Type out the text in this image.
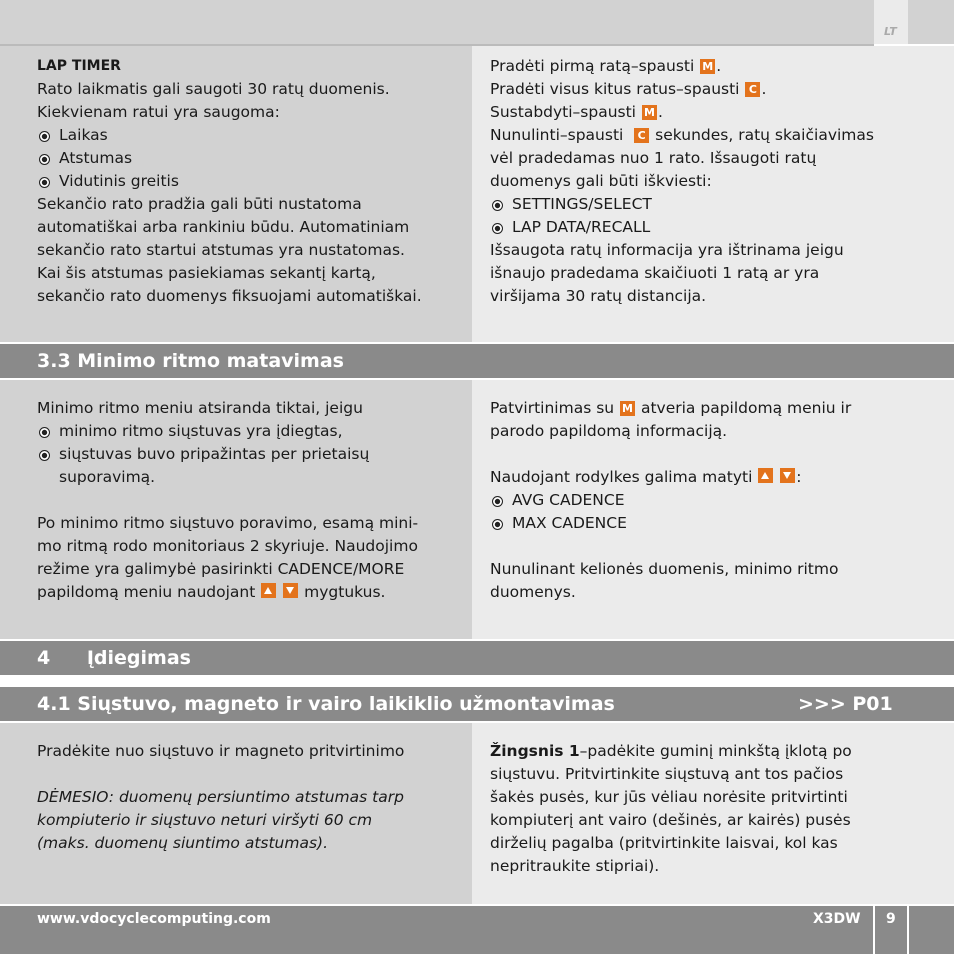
LT

LAP TIMER

Rato laikmatis gali saugoti 30 ratų duomenis.

Kiekvienam ratui yra saugoma:

Laikas

Atstumas

Vidutinis greitis

Sekančio rato pradžia gali būti nustatoma

automatiškai arba rankiniu būdu. Automatiniam

sekančio rato startui atstumas yra nustatomas.

Kai šis atstumas pasiekiamas sekantį kartą,

sekančio rato duomenys fiksuojami automatiškai.

Pradėti pirmą ratą–spausti M .

Pradėti visus kitus ratus–spausti C .

Sustabdyti–spausti M .

Nunulinti–spausti C sekundes, ratų skaičiavimas

vėl pradedamas nuo 1 rato. Išsaugoti ratų

duomenys gali būti iškviesti:

SETTINGS/SELECT

LAP DATA/RECALL

Išsaugota ratų informacija yra ištrinama jeigu

išnaujo pradedama skaičiuoti 1 ratą ar yra

viršijama 30 ratų distancija.

3.3 Minimo ritmo matavimas

Minimo ritmo meniu atsiranda tiktai, jeigu

minimo ritmo siųstuvas yra įdiegtas,

siųstuvas buvo pripažintas per prietaisų
suporavimą.

Po minimo ritmo siųstuvo poravimo, esamą mini-

mo ritmą rodo monitoriaus 2 skyriuje. Naudojimo

režime yra galimybė pasirinkti CADENCE/MORE

papildomą meniu naudojant	mygtukus.

Patvirtinimas su M atveria papildomą meniu ir

parodo papildomą informaciją.

Naudojant rodylkes galima matyti	:

AVG CADENCE

MAX CADENCE

Nunulinant kelionės duomenis, minimo ritmo

duomenys.

4 Įdiegimas
4.1 Siųstuvo, magneto ir vairo laikiklio užmontavimas	>>> P01

Pradėkite nuo siųstuvo ir magneto pritvirtinimo

DĖMESIO: duomenų persiuntimo atstumas tarp

kompiuterio ir siųstuvo neturi viršyti 60 cm

(maks. duomenų siuntimo atstumas).

Žingsnis 1–padėkite guminį minkštą įklotą po

siųstuvu. Pritvirtinkite siųstuvą ant tos pačios

šakės pusės, kur jūs vėliau norėsite pritvirtinti

kompiuterį ant vairo (dešinės, ar kairės) pusės

dirželių pagalba (pritvirtinkite laisvai, kol kas

nepritraukite stipriai).

www.vdocyclecomputing.com	X3DW 9
